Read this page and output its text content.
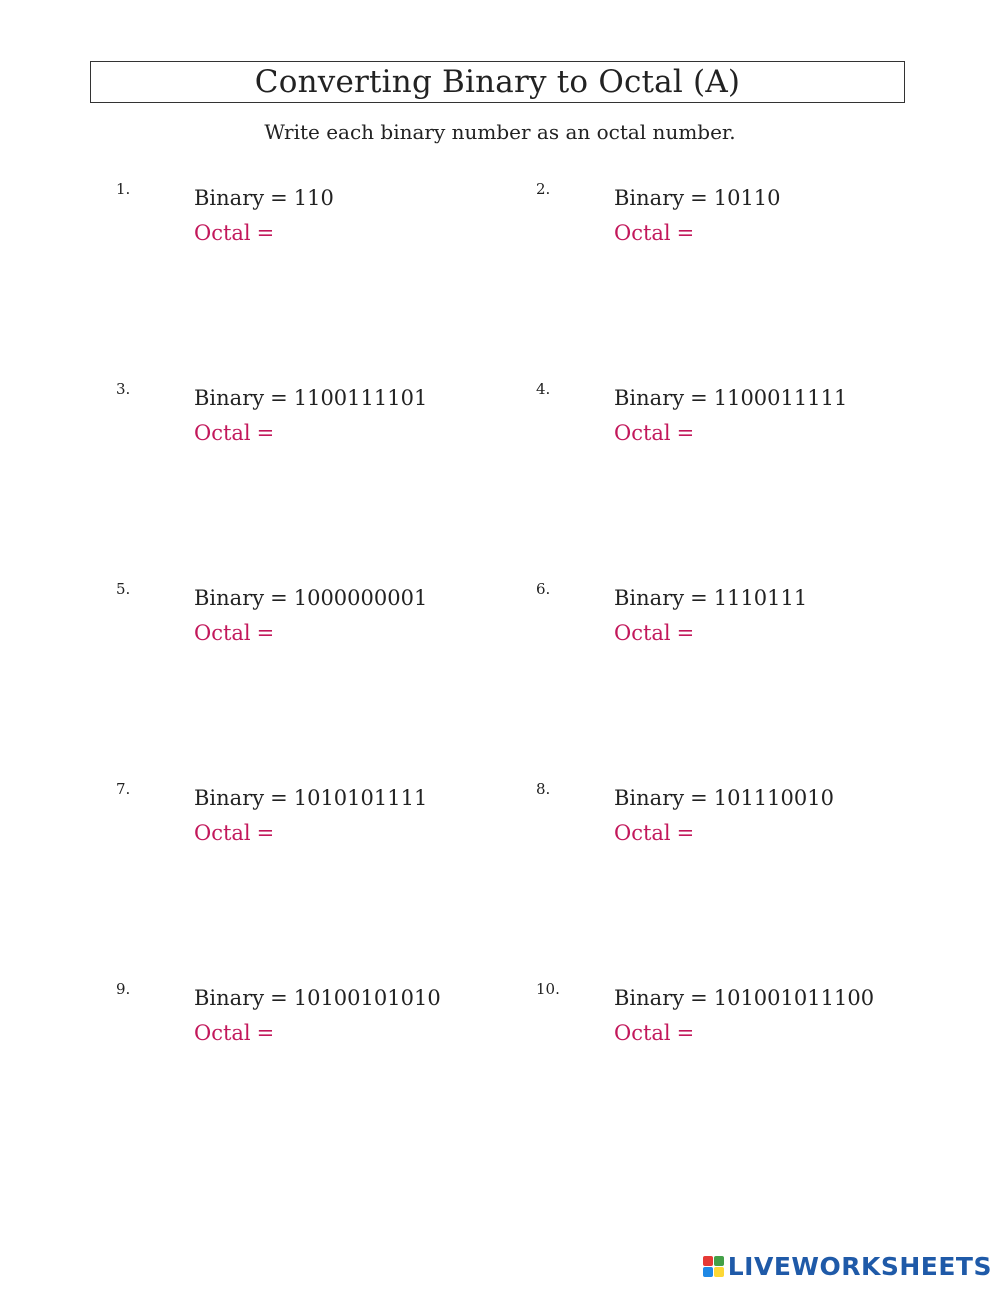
Converting Binary to Octal (A)
Write each binary number as an octal number.
1.	Binary = 110
Octal =
2.	Binary = 10110
Octal =
3.	Binary = 1100111101
Octal =
4.	Binary = 1100011111
Octal =
5.	Binary = 1000000001
Octal =
6.	Binary = 1110111
Octal =
7.	Binary = 1010101111
Octal =
8.	Binary = 101110010
Octal =
9.	Binary = 10100101010
Octal =
10.	Binary = 101001011100
Octal =
LIVEWORKSHEETS
